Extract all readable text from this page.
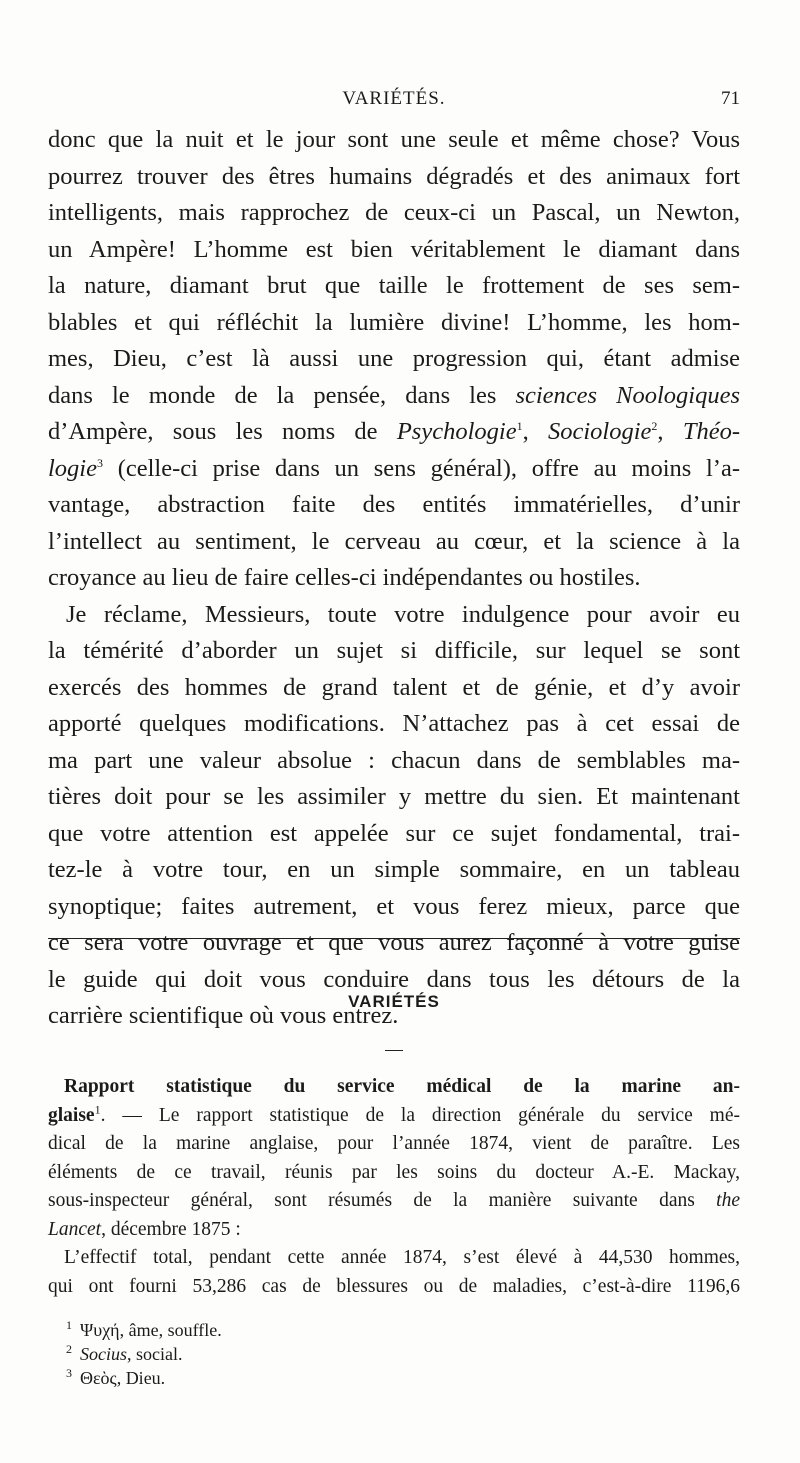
VARIÉTÉS.	71
donc que la nuit et le jour sont une seule et même chose? Vous
pourrez trouver des êtres humains dégradés et des animaux fort
intelligents, mais rapprochez de ceux-ci un Pascal, un Newton,
un Ampère! L’homme est bien véritablement le diamant dans
la nature, diamant brut que taille le frottement de ses sem-
blables et qui réfléchit la lumière divine! L’homme, les hom-
mes, Dieu, c’est là aussi une progression qui, étant admise
dans le monde de la pensée, dans les sciences Noologiques
d’Ampère, sous les noms de Psychologie$^1$, Sociologie$^2$, Théo-
logie$^3$ (celle-ci prise dans un sens général), offre au moins l’a-
vantage, abstraction faite des entités immatérielles, d’unir
l’intellect au sentiment, le cerveau au cœur, et la science à la
croyance au lieu de faire celles-ci indépendantes ou hostiles.
Je réclame, Messieurs, toute votre indulgence pour avoir eu
la témérité d’aborder un sujet si difficile, sur lequel se sont
exercés des hommes de grand talent et de génie, et d’y avoir
apporté quelques modifications. N’attachez pas à cet essai de
ma part une valeur absolue : chacun dans de semblables ma-
tières doit pour se les assimiler y mettre du sien. Et maintenant
que votre attention est appelée sur ce sujet fondamental, trai-
tez-le à votre tour, en un simple sommaire, en un tableau
synoptique; faites autrement, et vous ferez mieux, parce que
ce sera votre ouvrage et que vous aurez façonné à votre guise
le guide qui doit vous conduire dans tous les détours de la
carrière scientifique où vous entrez.
VARIÉTÉS
Rapport statistique du service médical de la marine an-
glaise$^1$. — Le rapport statistique de la direction générale du service mé-
dical de la marine anglaise, pour l’année 1874, vient de paraître. Les
éléments de ce travail, réunis par les soins du docteur A.-E. Mackay,
sous-inspecteur général, sont résumés de la manière suivante dans the
Lancet, décembre 1875 :
L’effectif total, pendant cette année 1874, s’est élevé à 44,530 hommes,
qui ont fourni 53,286 cas de blessures ou de maladies, c’est-à-dire 1196,6
$^1$ Ψυχή, âme, souffle.
$^2$ Socius, social.
$^3$ Θεὸς, Dieu.
